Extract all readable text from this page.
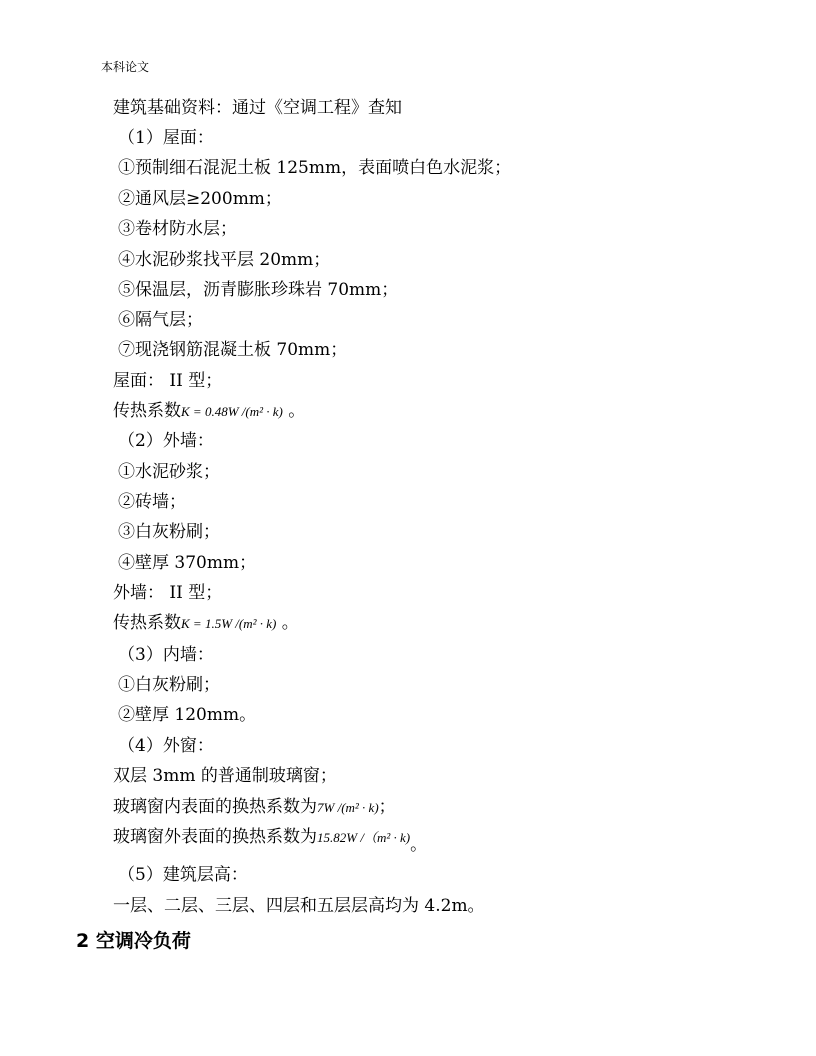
本科论文
建筑基础资料：通过《空调工程》查知
（1）屋面：
①预制细石混泥土板 125mm，表面喷白色水泥浆；
②通风层≥200mm；
③卷材防水层；
④水泥砂浆找平层 20mm；
⑤保温层，沥青膨胀珍珠岩 70mm；
⑥隔气层；
⑦现浇钢筋混凝土板 70mm；
屋面： II 型；
传热系数K = 0.48W /(m² · k) 。
（2）外墙：
①水泥砂浆；
②砖墙；
③白灰粉刷；
④壁厚 370mm；
外墙： II 型；
传热系数K = 1.5W /(m² · k) 。
（3）内墙：
①白灰粉刷；
②壁厚 120mm。
（4）外窗：
双层 3mm 的普通制玻璃窗；
玻璃窗内表面的换热系数为7W /(m² · k)；
玻璃窗外表面的换热系数为15.82W /（m² · k)。
（5）建筑层高：
一层、二层、三层、四层和五层层高均为 4.2m。
2 空调冷负荷
